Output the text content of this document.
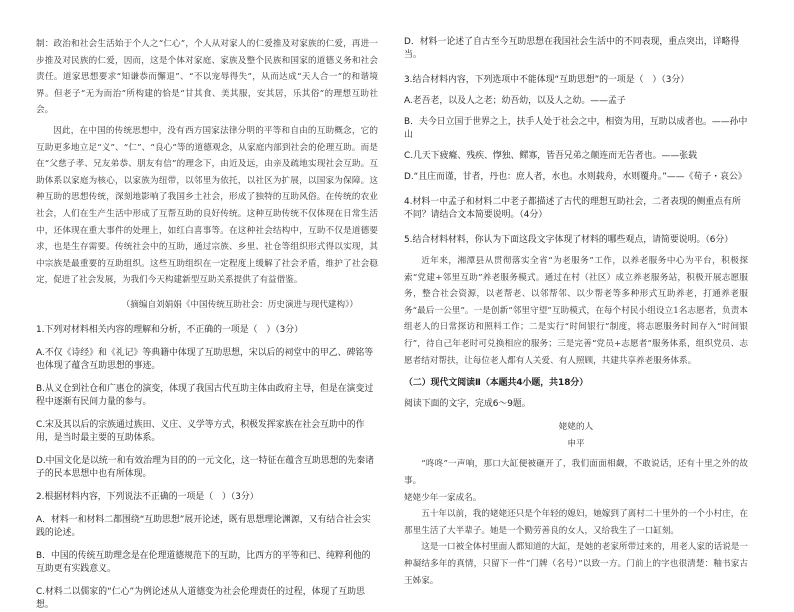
制：政治和社会生活始于个人之“仁心”，个人从对家人的仁爱推及对家族的仁爱，再进一步推及对民族的仁爱，因而，这是个体对家庭、家族及整个民族和国家的道德义务和社会责任。道家思想要求“知谦恭而懈退”、“不以宠辱得失”，从而达成“天人合一”的和谐境界。但老子“无为而治”所构建的恰是“甘其食、美其服，安其居，乐其俗”的理想互助社会。

因此，在中国的传统思想中，没有西方国家法律分明的平等和自由的互助概念，它的互助更多地立足“义”、“仁”、“良心”等的道德观念，从家庭内部到社会的伦理互助。而是在“父慈子孝、兄友弟恭、朋友有信”的理念下，由近及远，由亲及疏地实现社会互助。互助体系以家庭为核心，以家族为纽带，以邻里为依托，以社区为扩展，以国家为保障。这种互助的思想传统，深刻地影响了我国乡土社会，形成了独特的互助风俗。在传统的农业社会，人们在生产生活中形成了互帮互助的良好传统。这种互助传统不仅体现在日常生活中，还体现在重大事件的处理上，如红白喜事等。在这种社会结构中，互助不仅是道德要求，也是生存需要。传统社会中的互助，通过宗族、乡里、社仓等组织形式得以实现，其中宗族是最重要的互助组织。这些互助组织在一定程度上缓解了社会矛盾，维护了社会稳定，促进了社会发展，为我们今天构建新型互助关系提供了有益借鉴。

（摘编自刘娟娟《中国传统互助社会：历史演进与现代建构》）

1.下列对材料相关内容的理解和分析，不正确的一项是（　）（3分）

A.不仅《诗经》和《礼记》等典籍中体现了互助思想，宋以后的祠堂中的甲乙、碑铭等也体现了蕴含互助思想的事迹。

B.从义仓到社仓和广惠仓的演变，体现了我国古代互助主体由政府主导，但是在演变过程中逐渐有民间力量的参与。

C.宋及其以后的宗族通过族田、义庄、义学等方式，积极发挥家族在社会互助中的作用，是当时最主要的互助体系。

D.中国文化是以统一和有效治理为目的的一元文化，这一特征在蕴含互助思想的先秦诸子的民本思想中也有所体现。

2.根据材料内容，下列说法不正确的一项是（　）（3分）

A．材料一和材料二都围绕“互助思想”展开论述，既有思想理论渊源，又有结合社会实践的论述。

B．中国的传统互助理念是在伦理道德规范下的互助，比西方的平等和已、纯粹利他的互助更有实践意义。

C.材料二以儒家的“仁心”为例论述从人道德变为社会伦理责任的过程，体现了互助思想。

D．材料一论述了自古至今互助思想在我国社会生活中的不同表现，重点突出，详略得当。

3.结合材料内容，下列选项中不能体现“互助思想”的一项是（　）（3分）

A.老吾老，以及人之老；幼吾幼，以及人之幼。——孟子

B．夫今日立国于世界之上，扶手人处于社会之中，相资为用，互助以成者也。——孙中山

C.几天下疲癃、残疾、惸独、鳏寡，皆吾兄弟之颠连而无告者也。——张载

D.“且庄而谨，甘者，丹也：庶人者，水也。水则载舟，水则覆舟。”——《荀子・哀公》

4.材料一中孟子和材料二中老子都描述了古代的理想互助社会，二者表现的侧重点有所不同？请结合文本简要说明。（4分）

5.结合材料材料，你认为下面这段文字体现了材料的哪些观点，请简要说明。（6分）

近年来，湘潭县从贯彻落实全省“为老服务”工作，以养老服务中心为平台，积极探索“党建+邻里互助”养老服务模式。通过在村（社区）成立养老服务站，积极开展志愿服务，整合社会资源，以老帮老、以邻帮邻、以少帮老等多种形式互助养老，打通养老服务“最后一公里”。一是创新“邻里守望”互助模式，在每个村民小组设立1名志愿者，负责本组老人的日常探访和照料工作；二是实行“时间银行”制度，将志愿服务时间存入“时间银行”，待自己年老时可兑换相应的服务；三是完善“党员+志愿者”服务体系，组织党员、志愿者结对帮扶，让每位老人都有人关爱、有人照顾，共建共享养老服务体系。

（二）现代文阅读Ⅱ（本题共4小题，共18分）

阅读下面的文字，完成6～9题。

姥姥的人

申平

“咚咚”一声响，那口大缸便被砸开了，我们面面相觑，不敢说话，还有十里之外的故事。

姥姥少年一家成名。

五十年以前，我的姥姥还只是个年轻的媳妇，她嫁到了离村二十里外的一个小村庄，在那里生活了大半辈子。她是一个勤劳善良的女人，又给我生了一口缸刻。

这是一口被全体村里面人都知道的大缸，是她的老家所带过来的，用老人家的话说是一种凝结多年的真情，只留下一件“门牌（名号）”以致一方。门前上的字也很清楚：釉书家古王姊家。
